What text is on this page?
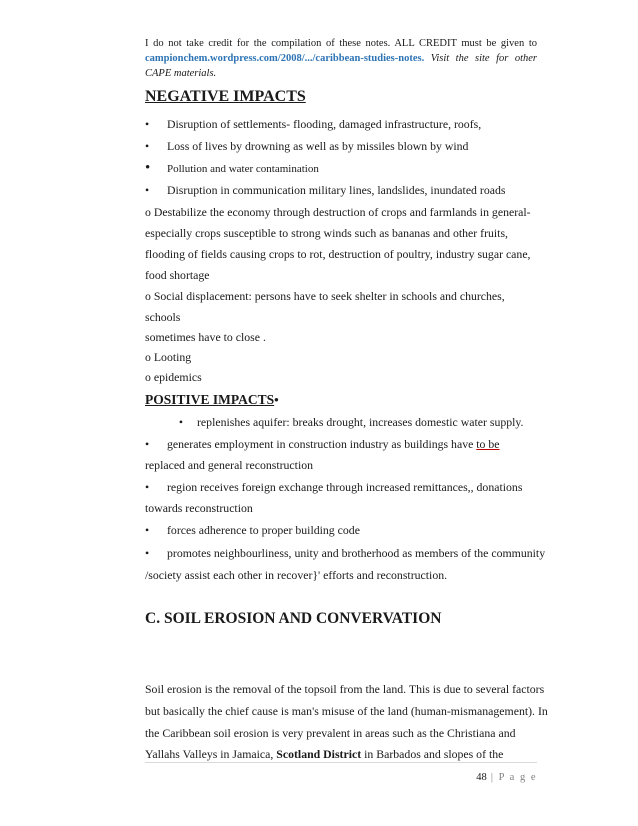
I do not take credit for the compilation of these notes. ALL CREDIT must be given to campionchem.wordpress.com/2008/.../caribbean-studies-notes. Visit the site for other CAPE materials.
NEGATIVE IMPACTS
• Disruption of settlements- flooding, damaged infrastructure, roofs,
• Loss of lives by drowning as well as by missiles blown by wind
• Pollution and water contamination
• Disruption in communication military lines, landslides, inundated roads
o Destabilize the economy through destruction of crops and farmlands in general-
especially crops susceptible to strong winds such as bananas and other fruits,
flooding of fields causing crops to rot, destruction of poultry, industry sugar cane,
food shortage
o Social displacement: persons have to seek shelter in schools and churches,
schools
sometimes have to close .
o Looting
o epidemics
POSITIVE IMPACTS•
• replenishes aquifer: breaks drought, increases domestic water supply.
• generates employment in construction industry as buildings have to be
replaced and general reconstruction
• region receives foreign exchange through increased remittances,, donations
towards reconstruction
• forces adherence to proper building code
• promotes neighbourliness, unity and brotherhood as members of the community
/society assist each other in recover}' efforts and reconstruction.
C. SOIL EROSION AND CONVERVATION
Soil erosion is the removal of the topsoil from the land. This is due to several factors
but basically the chief cause is man's misuse of the land (human-mismanagement). In
the Caribbean soil erosion is very prevalent in areas such as the Christiana and
Yallahs Valleys in Jamaica, Scotland District in Barbados and slopes of the
48 | P a g e
